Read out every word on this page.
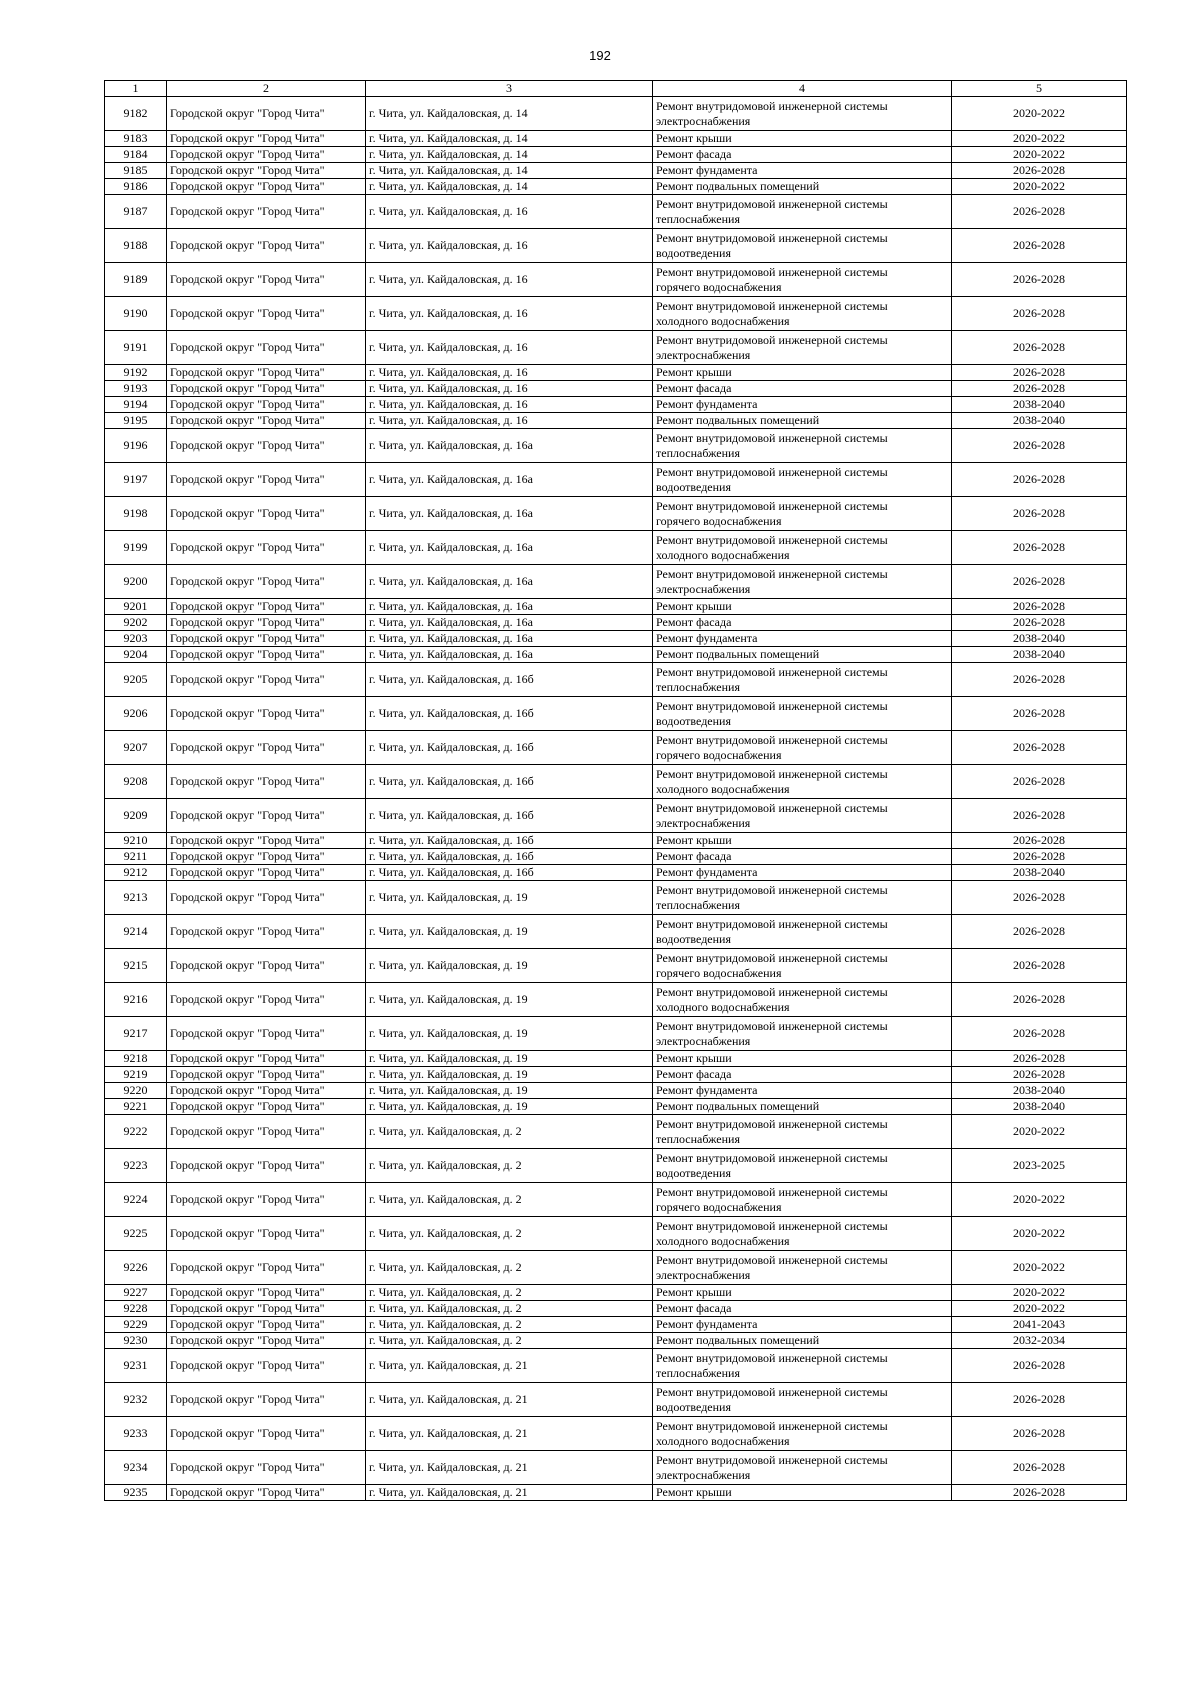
192
1	2	3	4	5
9182	Городской округ "Город Чита"	г. Чита, ул. Кайдаловская, д. 14	Ремонт внутридомовой инженерной системы
электроснабжения	2020-2022
9183	Городской округ "Город Чита"	г. Чита, ул. Кайдаловская, д. 14	Ремонт крыши	2020-2022
9184	Городской округ "Город Чита"	г. Чита, ул. Кайдаловская, д. 14	Ремонт фасада	2020-2022
9185	Городской округ "Город Чита"	г. Чита, ул. Кайдаловская, д. 14	Ремонт фундамента	2026-2028
9186	Городской округ "Город Чита"	г. Чита, ул. Кайдаловская, д. 14	Ремонт подвальных помещений	2020-2022
9187	Городской округ "Город Чита"	г. Чита, ул. Кайдаловская, д. 16	Ремонт внутридомовой инженерной системы
теплоснабжения	2026-2028
9188	Городской округ "Город Чита"	г. Чита, ул. Кайдаловская, д. 16	Ремонт внутридомовой инженерной системы
водоотведения	2026-2028
9189	Городской округ "Город Чита"	г. Чита, ул. Кайдаловская, д. 16	Ремонт внутридомовой инженерной системы
горячего водоснабжения	2026-2028
9190	Городской округ "Город Чита"	г. Чита, ул. Кайдаловская, д. 16	Ремонт внутридомовой инженерной системы
холодного водоснабжения	2026-2028
9191	Городской округ "Город Чита"	г. Чита, ул. Кайдаловская, д. 16	Ремонт внутридомовой инженерной системы
электроснабжения	2026-2028
9192	Городской округ "Город Чита"	г. Чита, ул. Кайдаловская, д. 16	Ремонт крыши	2026-2028
9193	Городской округ "Город Чита"	г. Чита, ул. Кайдаловская, д. 16	Ремонт фасада	2026-2028
9194	Городской округ "Город Чита"	г. Чита, ул. Кайдаловская, д. 16	Ремонт фундамента	2038-2040
9195	Городской округ "Город Чита"	г. Чита, ул. Кайдаловская, д. 16	Ремонт подвальных помещений	2038-2040
9196	Городской округ "Город Чита"	г. Чита, ул. Кайдаловская, д. 16а	Ремонт внутридомовой инженерной системы
теплоснабжения	2026-2028
9197	Городской округ "Город Чита"	г. Чита, ул. Кайдаловская, д. 16а	Ремонт внутридомовой инженерной системы
водоотведения	2026-2028
9198	Городской округ "Город Чита"	г. Чита, ул. Кайдаловская, д. 16а	Ремонт внутридомовой инженерной системы
горячего водоснабжения	2026-2028
9199	Городской округ "Город Чита"	г. Чита, ул. Кайдаловская, д. 16а	Ремонт внутридомовой инженерной системы
холодного водоснабжения	2026-2028
9200	Городской округ "Город Чита"	г. Чита, ул. Кайдаловская, д. 16а	Ремонт внутридомовой инженерной системы
электроснабжения	2026-2028
9201	Городской округ "Город Чита"	г. Чита, ул. Кайдаловская, д. 16а	Ремонт крыши	2026-2028
9202	Городской округ "Город Чита"	г. Чита, ул. Кайдаловская, д. 16а	Ремонт фасада	2026-2028
9203	Городской округ "Город Чита"	г. Чита, ул. Кайдаловская, д. 16а	Ремонт фундамента	2038-2040
9204	Городской округ "Город Чита"	г. Чита, ул. Кайдаловская, д. 16а	Ремонт подвальных помещений	2038-2040
9205	Городской округ "Город Чита"	г. Чита, ул. Кайдаловская, д. 16б	Ремонт внутридомовой инженерной системы
теплоснабжения	2026-2028
9206	Городской округ "Город Чита"	г. Чита, ул. Кайдаловская, д. 16б	Ремонт внутридомовой инженерной системы
водоотведения	2026-2028
9207	Городской округ "Город Чита"	г. Чита, ул. Кайдаловская, д. 16б	Ремонт внутридомовой инженерной системы
горячего водоснабжения	2026-2028
9208	Городской округ "Город Чита"	г. Чита, ул. Кайдаловская, д. 16б	Ремонт внутридомовой инженерной системы
холодного водоснабжения	2026-2028
9209	Городской округ "Город Чита"	г. Чита, ул. Кайдаловская, д. 16б	Ремонт внутридомовой инженерной системы
электроснабжения	2026-2028
9210	Городской округ "Город Чита"	г. Чита, ул. Кайдаловская, д. 16б	Ремонт крыши	2026-2028
9211	Городской округ "Город Чита"	г. Чита, ул. Кайдаловская, д. 16б	Ремонт фасада	2026-2028
9212	Городской округ "Город Чита"	г. Чита, ул. Кайдаловская, д. 16б	Ремонт фундамента	2038-2040
9213	Городской округ "Город Чита"	г. Чита, ул. Кайдаловская, д. 19	Ремонт внутридомовой инженерной системы
теплоснабжения	2026-2028
9214	Городской округ "Город Чита"	г. Чита, ул. Кайдаловская, д. 19	Ремонт внутридомовой инженерной системы
водоотведения	2026-2028
9215	Городской округ "Город Чита"	г. Чита, ул. Кайдаловская, д. 19	Ремонт внутридомовой инженерной системы
горячего водоснабжения	2026-2028
9216	Городской округ "Город Чита"	г. Чита, ул. Кайдаловская, д. 19	Ремонт внутридомовой инженерной системы
холодного водоснабжения	2026-2028
9217	Городской округ "Город Чита"	г. Чита, ул. Кайдаловская, д. 19	Ремонт внутридомовой инженерной системы
электроснабжения	2026-2028
9218	Городской округ "Город Чита"	г. Чита, ул. Кайдаловская, д. 19	Ремонт крыши	2026-2028
9219	Городской округ "Город Чита"	г. Чита, ул. Кайдаловская, д. 19	Ремонт фасада	2026-2028
9220	Городской округ "Город Чита"	г. Чита, ул. Кайдаловская, д. 19	Ремонт фундамента	2038-2040
9221	Городской округ "Город Чита"	г. Чита, ул. Кайдаловская, д. 19	Ремонт подвальных помещений	2038-2040
9222	Городской округ "Город Чита"	г. Чита, ул. Кайдаловская, д. 2	Ремонт внутридомовой инженерной системы
теплоснабжения	2020-2022
9223	Городской округ "Город Чита"	г. Чита, ул. Кайдаловская, д. 2	Ремонт внутридомовой инженерной системы
водоотведения	2023-2025
9224	Городской округ "Город Чита"	г. Чита, ул. Кайдаловская, д. 2	Ремонт внутридомовой инженерной системы
горячего водоснабжения	2020-2022
9225	Городской округ "Город Чита"	г. Чита, ул. Кайдаловская, д. 2	Ремонт внутридомовой инженерной системы
холодного водоснабжения	2020-2022
9226	Городской округ "Город Чита"	г. Чита, ул. Кайдаловская, д. 2	Ремонт внутридомовой инженерной системы
электроснабжения	2020-2022
9227	Городской округ "Город Чита"	г. Чита, ул. Кайдаловская, д. 2	Ремонт крыши	2020-2022
9228	Городской округ "Город Чита"	г. Чита, ул. Кайдаловская, д. 2	Ремонт фасада	2020-2022
9229	Городской округ "Город Чита"	г. Чита, ул. Кайдаловская, д. 2	Ремонт фундамента	2041-2043
9230	Городской округ "Город Чита"	г. Чита, ул. Кайдаловская, д. 2	Ремонт подвальных помещений	2032-2034
9231	Городской округ "Город Чита"	г. Чита, ул. Кайдаловская, д. 21	Ремонт внутридомовой инженерной системы
теплоснабжения	2026-2028
9232	Городской округ "Город Чита"	г. Чита, ул. Кайдаловская, д. 21	Ремонт внутридомовой инженерной системы
водоотведения	2026-2028
9233	Городской округ "Город Чита"	г. Чита, ул. Кайдаловская, д. 21	Ремонт внутридомовой инженерной системы
холодного водоснабжения	2026-2028
9234	Городской округ "Город Чита"	г. Чита, ул. Кайдаловская, д. 21	Ремонт внутридомовой инженерной системы
электроснабжения	2026-2028
9235	Городской округ "Город Чита"	г. Чита, ул. Кайдаловская, д. 21	Ремонт крыши	2026-2028
